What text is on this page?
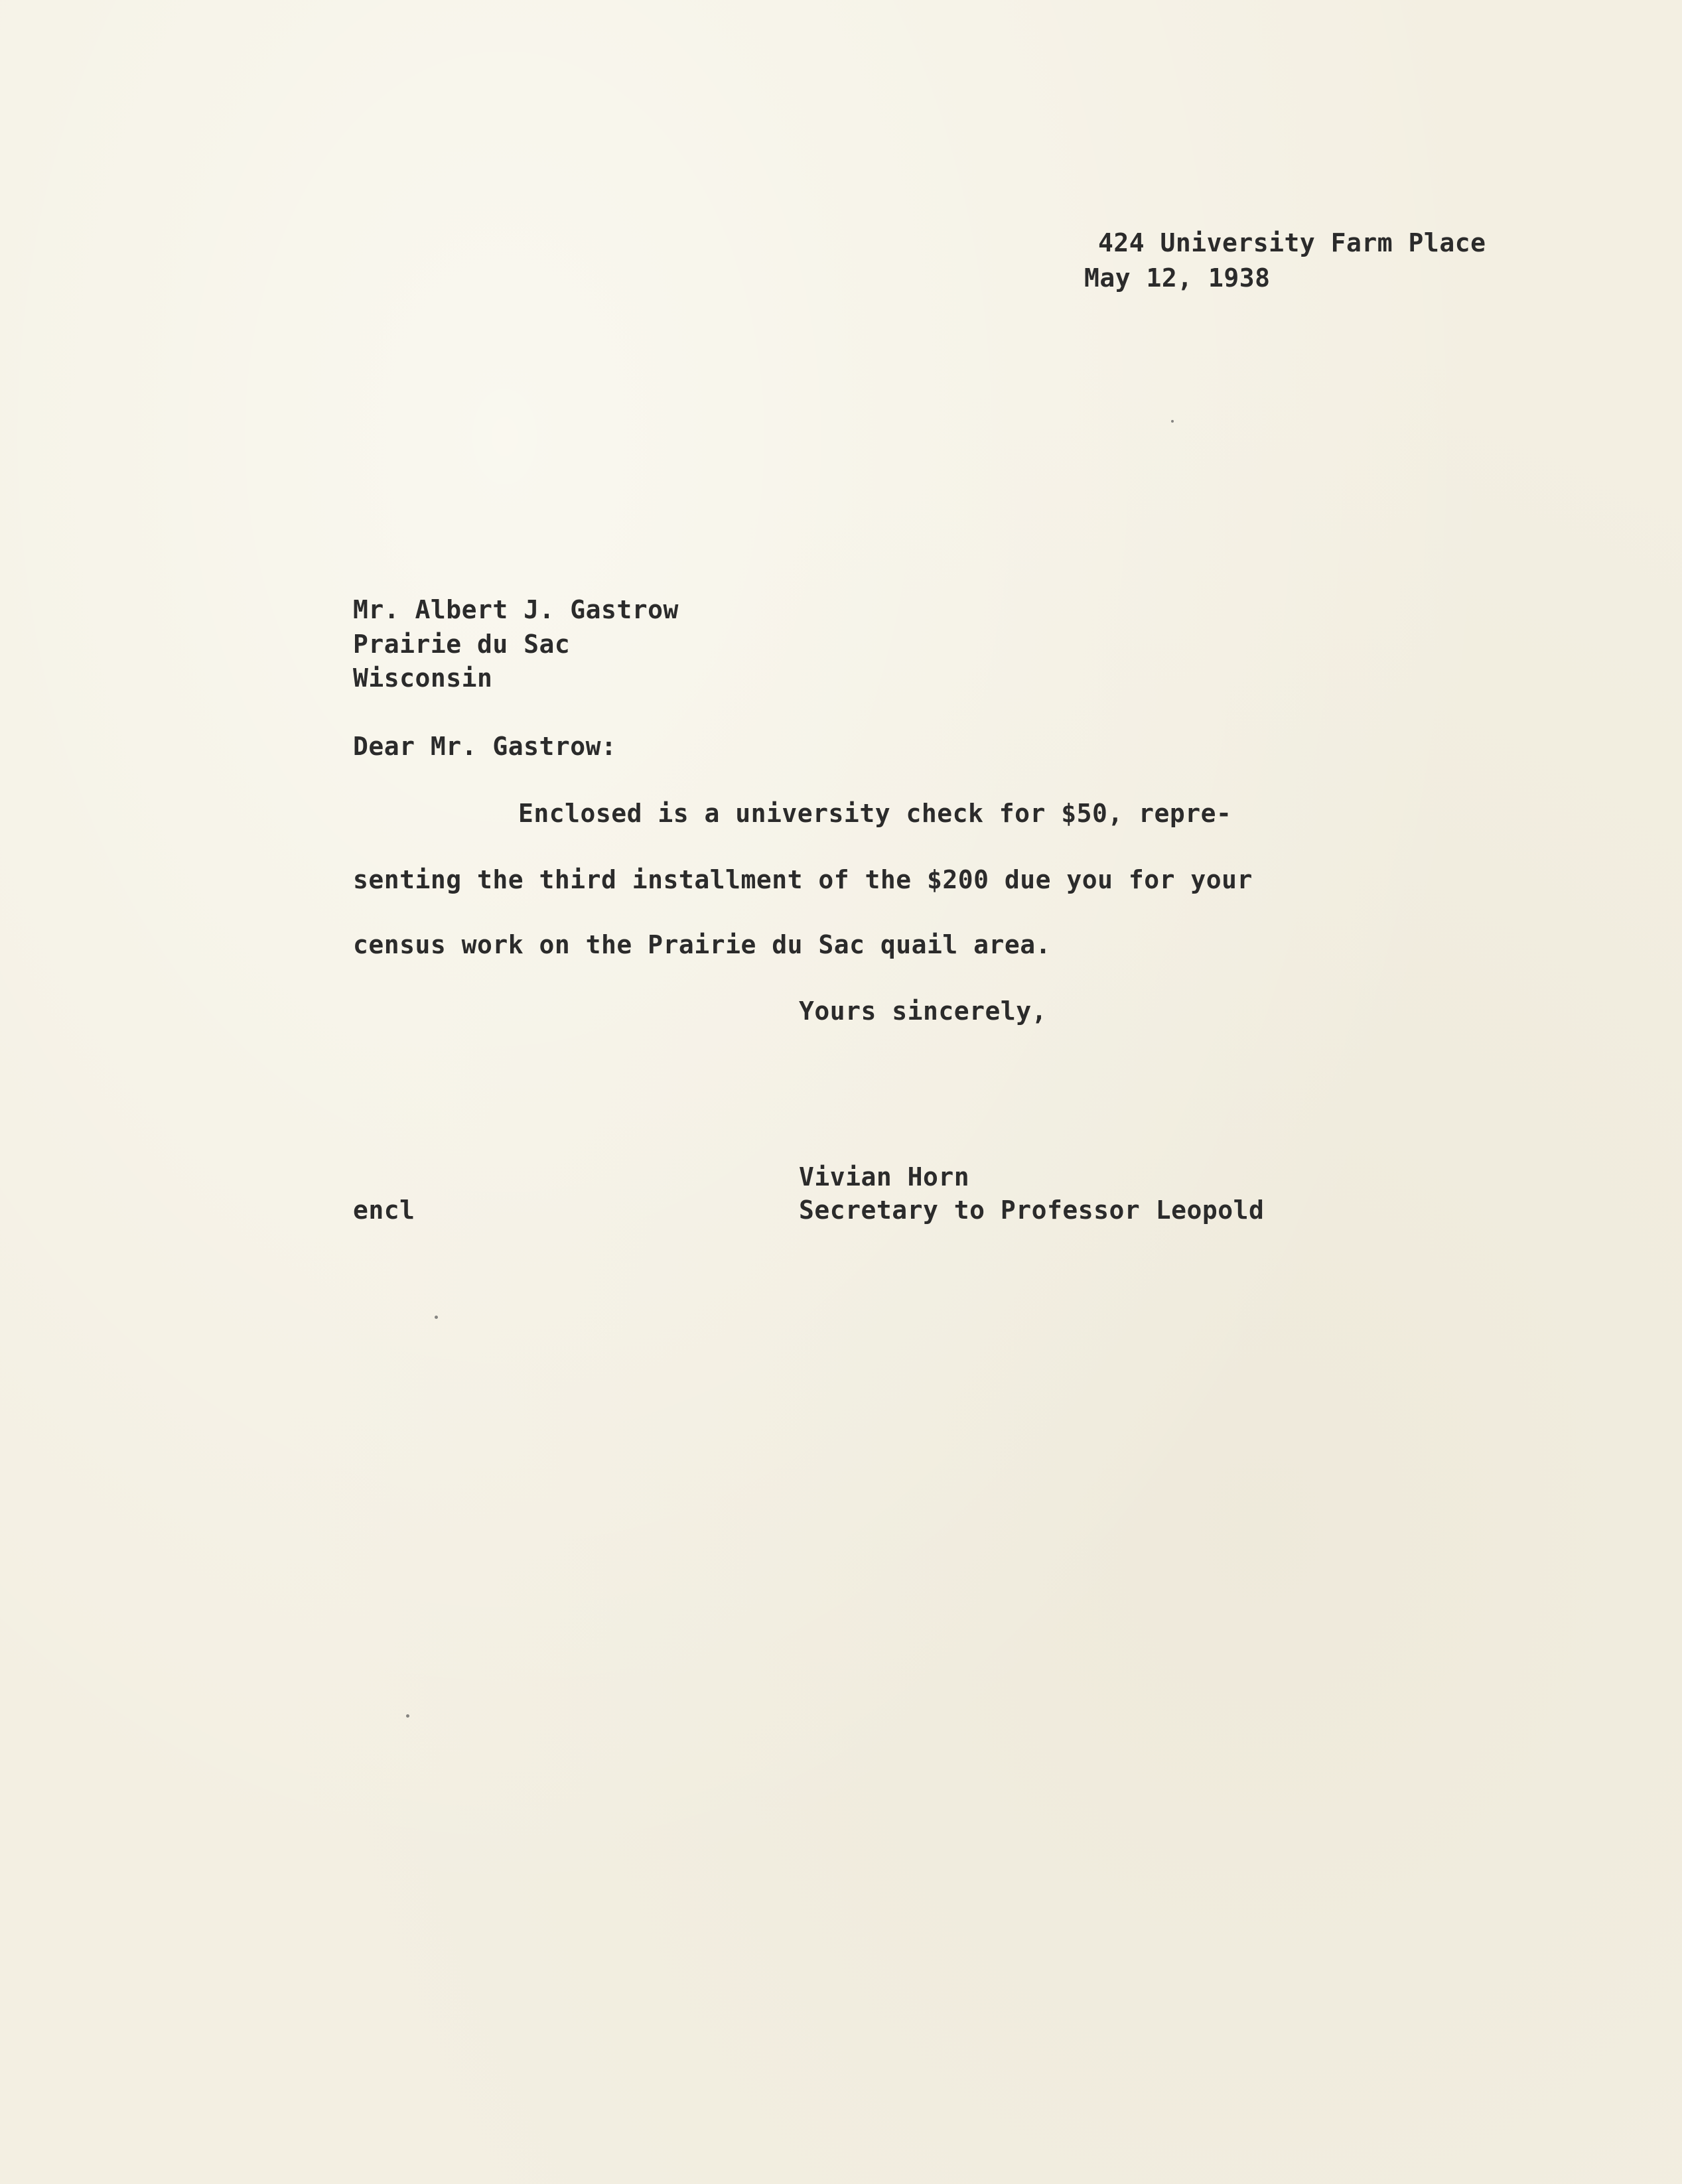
424 University Farm Place
May 12, 1938
Mr. Albert J. Gastrow
Prairie du Sac
Wisconsin
Dear Mr. Gastrow:
Enclosed is a university check for $50, repre-
senting the third installment of the $200 due you for your
census work on the Prairie du Sac quail area.
Yours sincerely,
Vivian Horn
encl	Secretary to Professor Leopold
